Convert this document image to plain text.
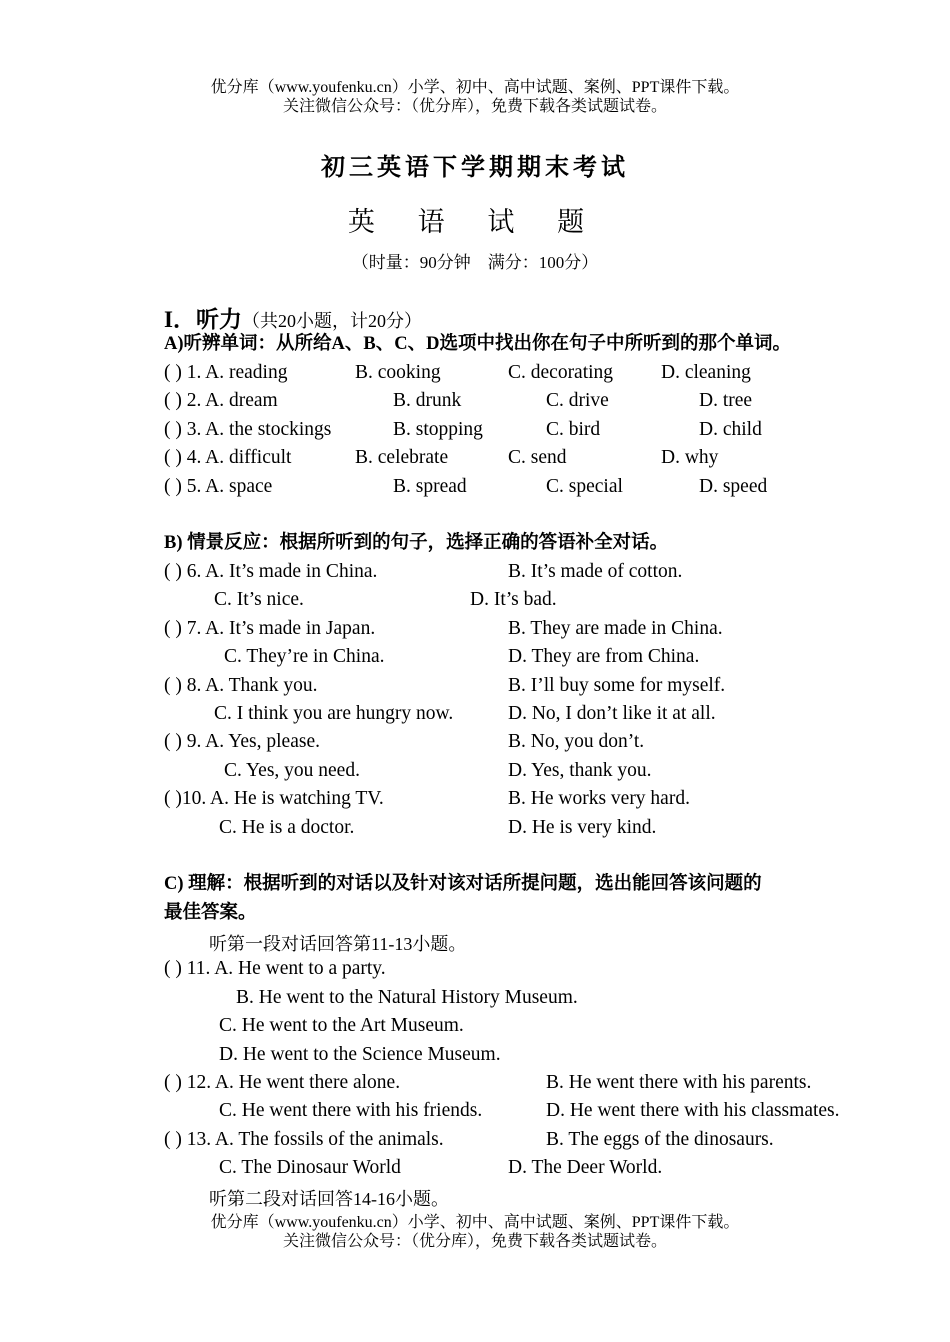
优分库（www.youfenku.cn）小学、初中、高中试题、案例、PPT课件下载。
关注微信公众号：（优分库），免费下载各类试题试卷。
初三英语下学期期末考试
英 语 试 题
（时量：90分钟　满分：100分）
I．听力（共20小题，计20分）
A)听辨单词：从所给A、B、C、D选项中找出你在句子中所听到的那个单词。
( ) 1. A. reading	B. cooking	C. decorating D. cleaning
( ) 2. A. dream	B. drunk	C. drive	D. tree
( ) 3. A. the stockings	B. stopping	C. bird	D. child
( ) 4. A. difficult	B. celebrate	C. send	D. why
( ) 5. A. space	B. spread	C. special	D. speed
B) 情景反应：根据所听到的句子，选择正确的答语补全对话。
( ) 6. A. It’s made in China.	B. It’s made of cotton.
C. It’s nice.	D. It’s bad.
( ) 7. A. It’s made in Japan.	B. They are made in China.
C. They’re in China.	D. They are from China.
( ) 8. A. Thank you.	B. I’ll buy some for myself.
C. I think you are hungry now.	D. No, I don’t like it at all.
( ) 9. A. Yes, please.	B. No, you don’t.
C. Yes, you need.	D. Yes, thank you.
( )10. A. He is watching TV.	B. He works very hard.
C. He is a doctor.	D. He is very kind.
C) 理解：根据听到的对话以及针对该对话所提问题，选出能回答该问题的
最佳答案。
听第一段对话回答第11-13小题。
( ) 11. A. He went to a party.
B. He went to the Natural History Museum.
C. He went to the Art Museum.
D. He went to the Science Museum.
( ) 12. A. He went there alone.	B. He went there with his parents.
C. He went there with his friends.	D. He went there with his classmates.
( ) 13. A. The fossils of the animals.	B. The eggs of the dinosaurs.
C. The Dinosaur World	D. The Deer World.
听第二段对话回答14-16小题。
优分库（www.youfenku.cn）小学、初中、高中试题、案例、PPT课件下载。
关注微信公众号：（优分库），免费下载各类试题试卷。
